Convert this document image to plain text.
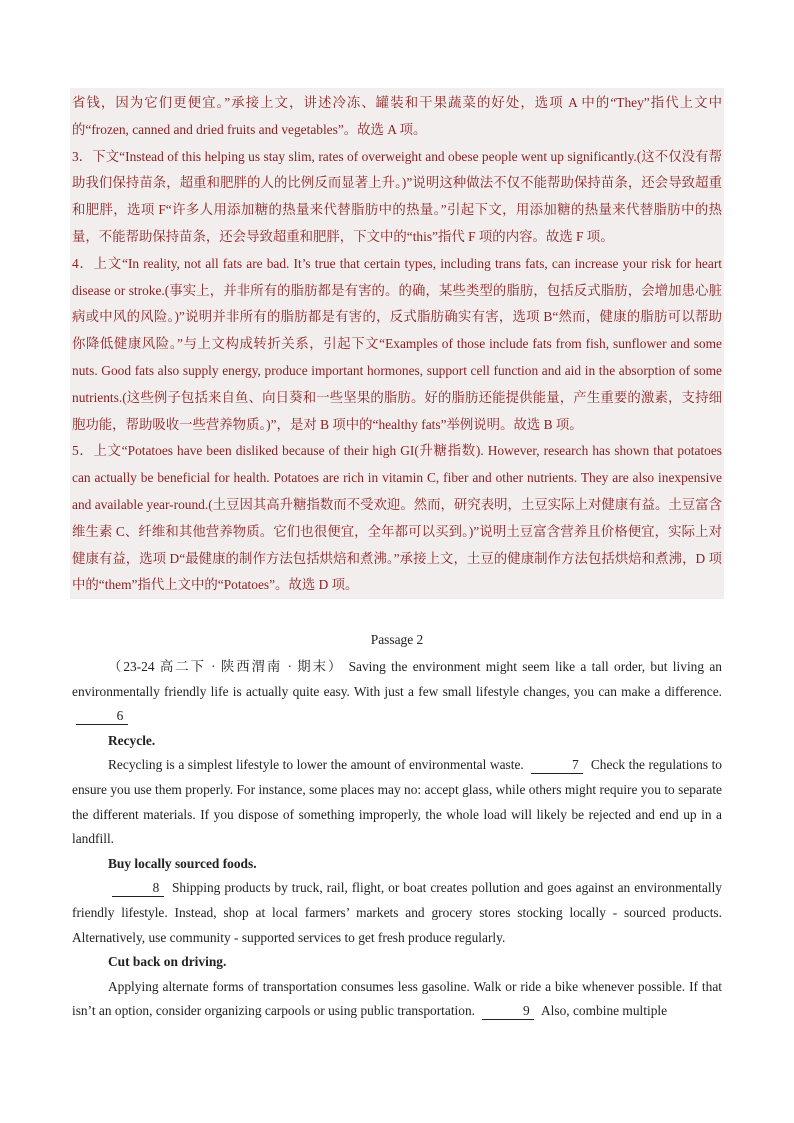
省钱，因为它们更便宜。”承接上文，讲述冷冻、罐装和干果蔬菜的好处，选项 A 中的“They”指代上文中的“frozen, canned and dried fruits and vegetables”。故选 A 项。

3．下文“Instead of this helping us stay slim, rates of overweight and obese people went up significantly.(这不仅没有帮助我们保持苗条，超重和肥胖的人的比例反而显著上升。)”说明这种做法不仅不能帮助保持苗条，还会导致超重和肥胖，选项 F“许多人用添加糖的热量来代替脂肪中的热量。”引起下文，用添加糖的热量来代替脂肪中的热量，不能帮助保持苗条，还会导致超重和肥胖，下文中的“this”指代 F 项的内容。故选 F 项。

4．上文“In reality, not all fats are bad. It’s true that certain types, including trans fats, can increase your risk for heart disease or stroke.(事实上，并非所有的脂肪都是有害的。的确，某些类型的脂肪，包括反式脂肪，会增加患心脏病或中风的风险。)”说明并非所有的脂肪都是有害的，反式脂肪确实有害，选项 B“然而，健康的脂肪可以帮助你降低健康风险。”与上文构成转折关系，引起下文“Examples of those include fats from fish, sunflower and some nuts. Good fats also supply energy, produce important hormones, support cell function and aid in the absorption of some nutrients.(这些例子包括来自鱼、向日葵和一些坚果的脂肪。好的脂肪还能提供能量，产生重要的激素，支持细胞功能，帮助吸收一些营养物质。)”，是对 B 项中的“healthy fats”举例说明。故选 B 项。

5．上文“Potatoes have been disliked because of their high GI(升糖指数). However, research has shown that potatoes can actually be beneficial for health. Potatoes are rich in vitamin C, fiber and other nutrients. They are also inexpensive and available year-round.(土豆因其高升糖指数而不受欢迎。然而，研究表明，土豆实际上对健康有益。土豆富含维生素 C、纤维和其他营养物质。它们也很便宜，全年都可以买到。)”说明土豆富含营养且价格便宜，实际上对健康有益，选项 D“最健康的制作方法包括烘焙和煮沸。”承接上文，土豆的健康制作方法包括烘焙和煮沸，D 项中的“them”指代上文中的“Potatoes”。故选 D 项。

Passage 2

（23-24 高二下 · 陕西渭南 · 期末） Saving the environment might seem like a tall order, but living an environmentally friendly life is actually quite easy. With just a few small lifestyle changes, you can make a difference. 6

Recycle.

Recycling is a simplest lifestyle to lower the amount of environmental waste.	7 Check the regulations to ensure you use them properly. For instance, some places may no: accept glass, while others might require you to separate the different materials. If you dispose of something improperly, the whole load will likely be rejected and end up in a landfill.

Buy locally sourced foods.

8 Shipping products by truck, rail, flight, or boat creates pollution and goes against an environmentally friendly lifestyle. Instead, shop at local farmers’ markets and grocery stores stocking locally - sourced products. Alternatively, use community - supported services to get fresh produce regularly.

Cut back on driving.

Applying alternate forms of transportation consumes less gasoline. Walk or ride a bike whenever possible. If that isn’t an option, consider organizing carpools or using public transportation.	9 Also, combine multiple
